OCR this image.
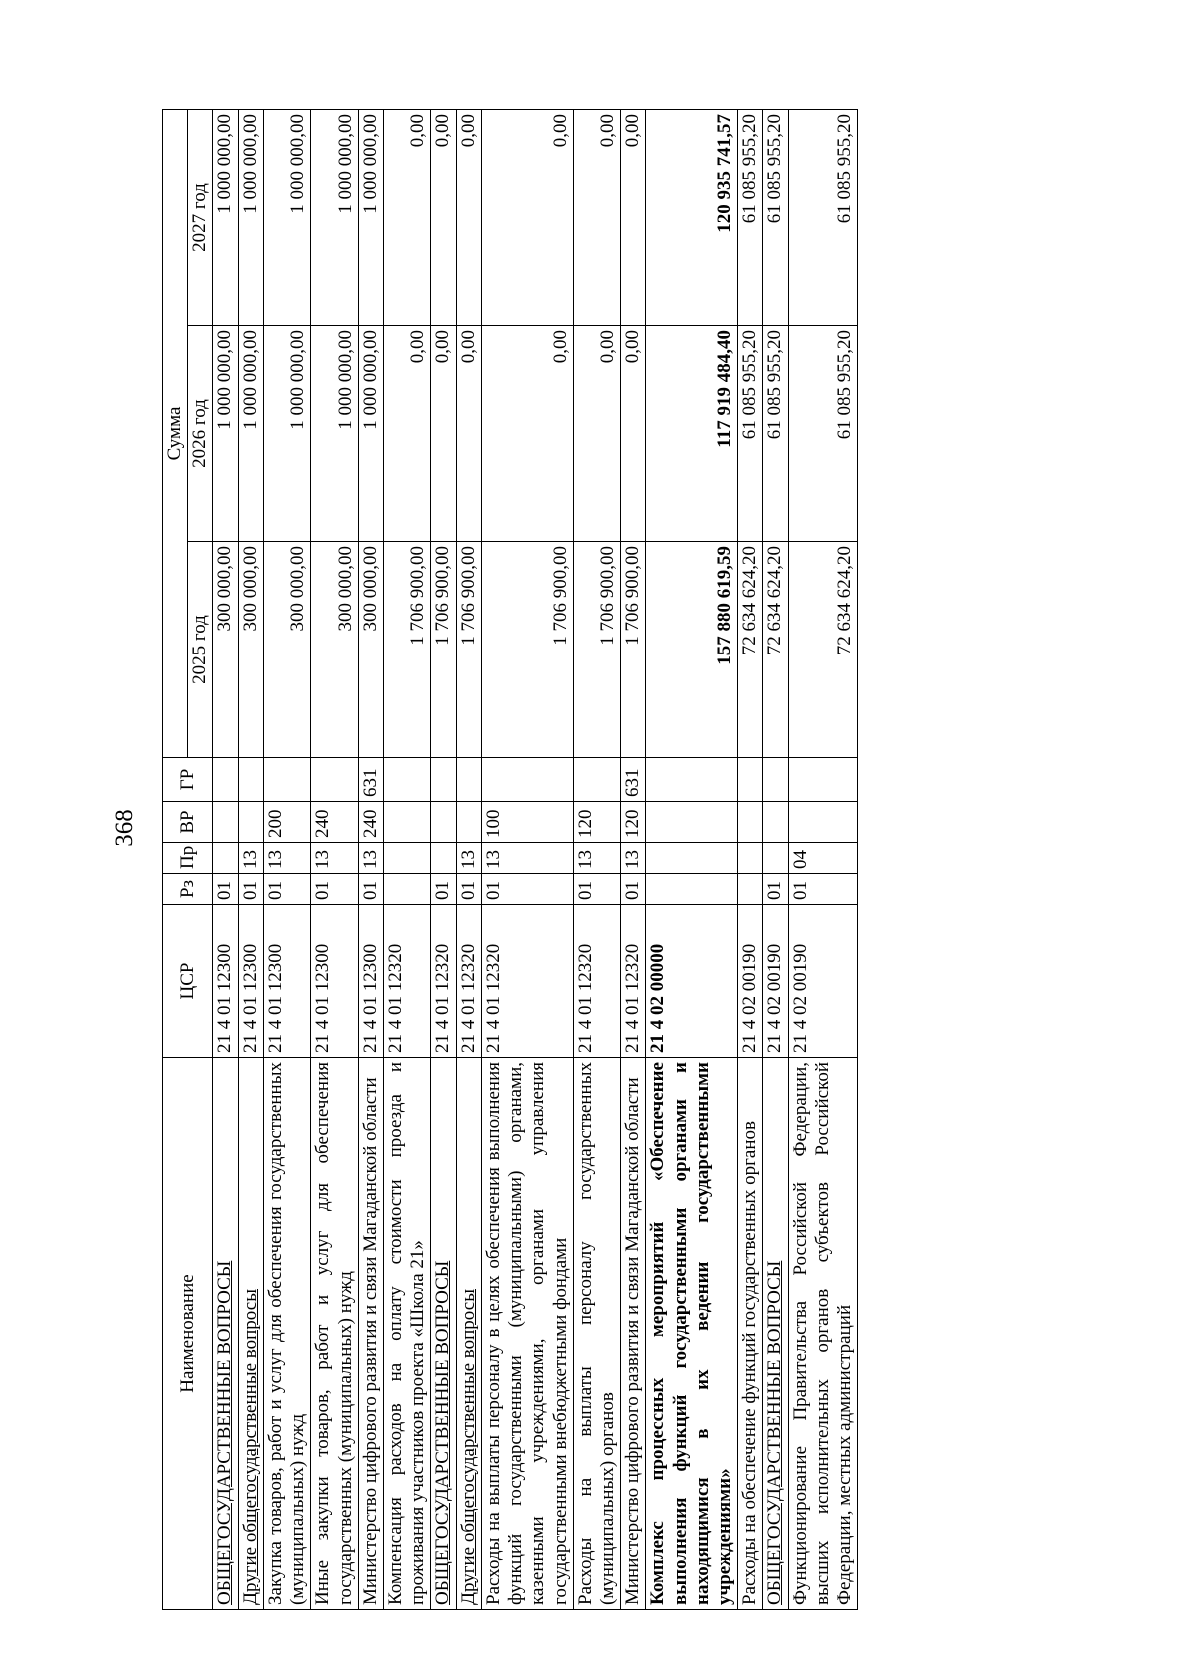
368
Наименование	ЦСР	Рз	Пр	ВР	ГР	Сумма		
						2025 год	2026 год	2027 год
ОБЩЕГОСУДАРСТВЕННЫЕ ВОПРОСЫ	21 4 01 12300	01				300 000,00	1 000 000,00	1 000 000,00
Другие общегосударственные вопросы	21 4 01 12300	01	13			300 000,00	1 000 000,00	1 000 000,00
Закупка товаров, работ и услуг для обеспечения государственных (муниципальных) нужд	21 4 01 12300	01	13	200		300 000,00	1 000 000,00	1 000 000,00
Иные закупки товаров, работ и услуг для обеспечения государственных (муниципальных) нужд	21 4 01 12300	01	13	240		300 000,00	1 000 000,00	1 000 000,00
Министерство цифрового развития и связи Магаданской области	21 4 01 12300	01	13	240	631	300 000,00	1 000 000,00	1 000 000,00
Компенсация расходов на оплату стоимости проезда и проживания участников проекта «Школа 21»	21 4 01 12320					1 706 900,00	0,00	0,00
ОБЩЕГОСУДАРСТВЕННЫЕ ВОПРОСЫ	21 4 01 12320	01				1 706 900,00	0,00	0,00
Другие общегосударственные вопросы	21 4 01 12320	01	13			1 706 900,00	0,00	0,00
Расходы на выплаты персоналу в целях обеспечения выполнения функций государственными (муниципальными) органами, казенными учреждениями, органами управления государственными внебюджетными фондами	21 4 01 12320	01	13	100		1 706 900,00	0,00	0,00
Расходы на выплаты персоналу государственных (муниципальных) органов	21 4 01 12320	01	13	120		1 706 900,00	0,00	0,00
Министерство цифрового развития и связи Магаданской области	21 4 01 12320	01	13	120	631	1 706 900,00	0,00	0,00
Комплекс процессных мероприятий «Обеспечение выполнения функций государственными органами и находящимися в их ведении государственными учреждениями»	21 4 02 00000					157 880 619,59	117 919 484,40	120 935 741,57
Расходы на обеспечение функций государственных органов	21 4 02 00190					72 634 624,20	61 085 955,20	61 085 955,20
ОБЩЕГОСУДАРСТВЕННЫЕ ВОПРОСЫ	21 4 02 00190	01				72 634 624,20	61 085 955,20	61 085 955,20
Функционирование Правительства Российской Федерации, высших исполнительных органов субъектов Российской Федерации, местных администраций	21 4 02 00190	01	04			72 634 624,20	61 085 955,20	61 085 955,20
